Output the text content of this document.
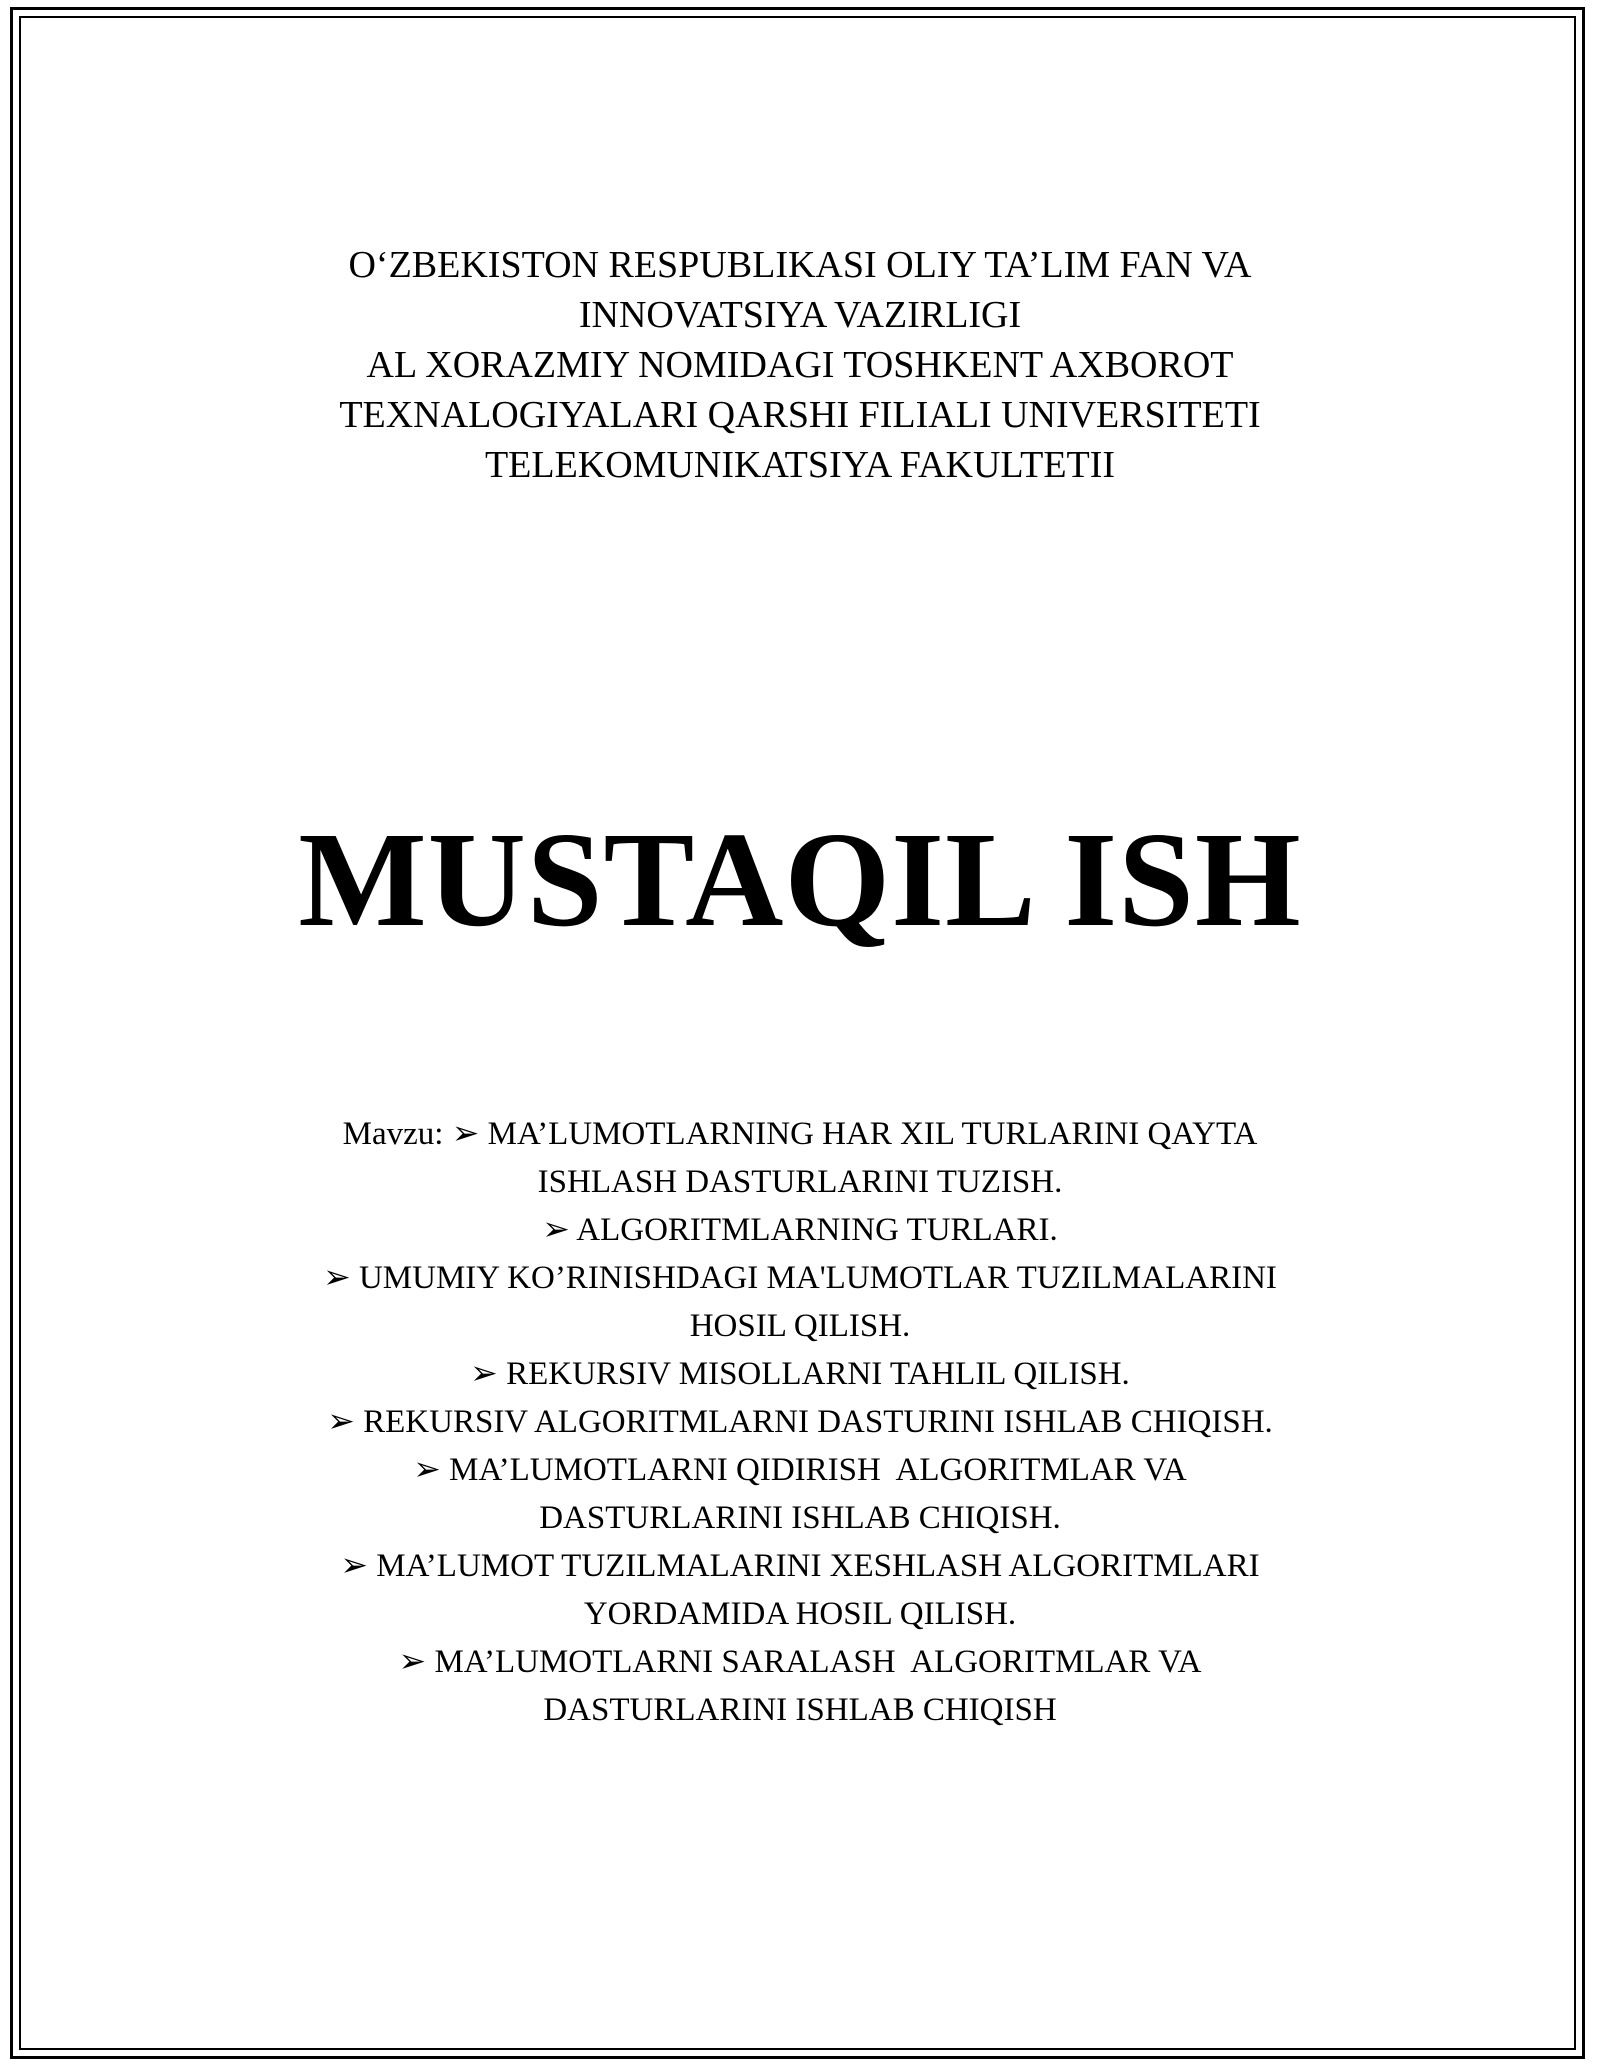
O‘ZBEKISTON RESPUBLIKASI OLIY TA’LIM FAN VA
INNOVATSIYA VAZIRLIGI
AL XORAZMIY NOMIDAGI TOSHKENT AXBOROT
TEXNALOGIYALARI QARSHI FILIALI UNIVERSITETI
TELEKOMUNIKATSIYA FAKULTETII
MUSTAQIL ISH
Mavzu: ➢ MA’LUMOTLARNING HAR XIL TURLARINI QAYTA
ISHLASH DASTURLARINI TUZISH.
➢ ALGORITMLARNING TURLARI.
➢ UMUMIY KO’RINISHDAGI MA'LUMOTLAR TUZILMALARINI
HOSIL QILISH.
➢ REKURSIV MISOLLARNI TAHLIL QILISH.
➢ REKURSIV ALGORITMLARNI DASTURINI ISHLAB CHIQISH.
➢ MA’LUMOTLARNI QIDIRISH  ALGORITMLAR VA
DASTURLARINI ISHLAB CHIQISH.
➢ MA’LUMOT TUZILMALARINI XESHLASH ALGORITMLARI
YORDAMIDA HOSIL QILISH.
➢ MA’LUMOTLARNI SARALASH  ALGORITMLAR VA
DASTURLARINI ISHLAB CHIQISH
